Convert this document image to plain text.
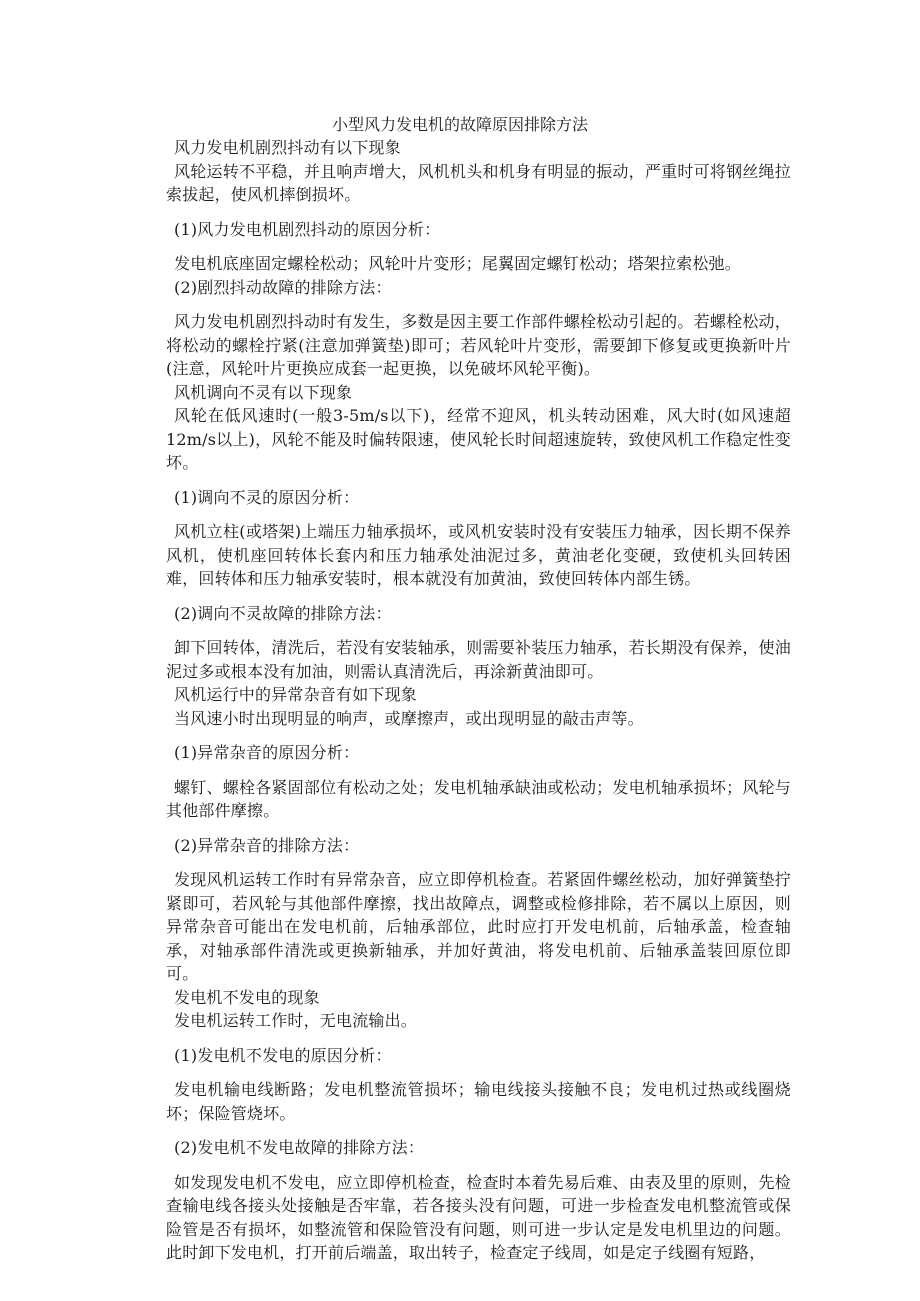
小型风力发电机的故障原因排除方法

风力发电机剧烈抖动有以下现象

风轮运转不平稳，并且响声增大，风机机头和机身有明显的振动，严重时可将钢丝绳拉索拔起，使风机摔倒损坏。

(1)风力发电机剧烈抖动的原因分析：

发电机底座固定螺栓松动；风轮叶片变形；尾翼固定螺钉松动；塔架拉索松弛。

(2)剧烈抖动故障的排除方法：

风力发电机剧烈抖动时有发生，多数是因主要工作部件螺栓松动引起的。若螺栓松动，将松动的螺栓拧紧(注意加弹簧垫)即可；若风轮叶片变形，需要卸下修复或更换新叶片(注意，风轮叶片更换应成套一起更换，以免破坏风轮平衡)。

风机调向不灵有以下现象

风轮在低风速时(一般3-5m/s以下)，经常不迎风，机头转动困难，风大时(如风速超12m/s以上)，风轮不能及时偏转限速，使风轮长时间超速旋转，致使风机工作稳定性变坏。

(1)调向不灵的原因分析：

风机立柱(或塔架)上端压力轴承损坏，或风机安装时没有安装压力轴承，因长期不保养风机，使机座回转体长套内和压力轴承处油泥过多，黄油老化变硬，致使机头回转困难，回转体和压力轴承安装时，根本就没有加黄油，致使回转体内部生锈。

(2)调向不灵故障的排除方法：

卸下回转体，清洗后，若没有安装轴承，则需要补装压力轴承，若长期没有保养，使油泥过多或根本没有加油，则需认真清洗后，再涂新黄油即可。

风机运行中的异常杂音有如下现象

当风速小时出现明显的响声，或摩擦声，或出现明显的敲击声等。

(1)异常杂音的原因分析：

螺钉、螺栓各紧固部位有松动之处；发电机轴承缺油或松动；发电机轴承损坏；风轮与其他部件摩擦。

(2)异常杂音的排除方法：

发现风机运转工作时有异常杂音，应立即停机检查。若紧固件螺丝松动，加好弹簧垫拧紧即可，若风轮与其他部件摩擦，找出故障点，调整或检修排除，若不属以上原因，则异常杂音可能出在发电机前，后轴承部位，此时应打开发电机前，后轴承盖，检查轴承，对轴承部件清洗或更换新轴承，并加好黄油，将发电机前、后轴承盖装回原位即可。

发电机不发电的现象

发电机运转工作时，无电流输出。

(1)发电机不发电的原因分析：

发电机输电线断路；发电机整流管损坏；输电线接头接触不良；发电机过热或线圈烧坏；保险管烧坏。

(2)发电机不发电故障的排除方法：

如发现发电机不发电，应立即停机检查，检查时本着先易后难、由表及里的原则，先检查输电线各接头处接触是否牢靠，若各接头没有问题，可进一步检查发电机整流管或保险管是否有损坏，如整流管和保险管没有问题，则可进一步认定是发电机里边的问题。此时卸下发电机，打开前后端盖，取出转子，检查定子线周，如是定子线圈有短路，
